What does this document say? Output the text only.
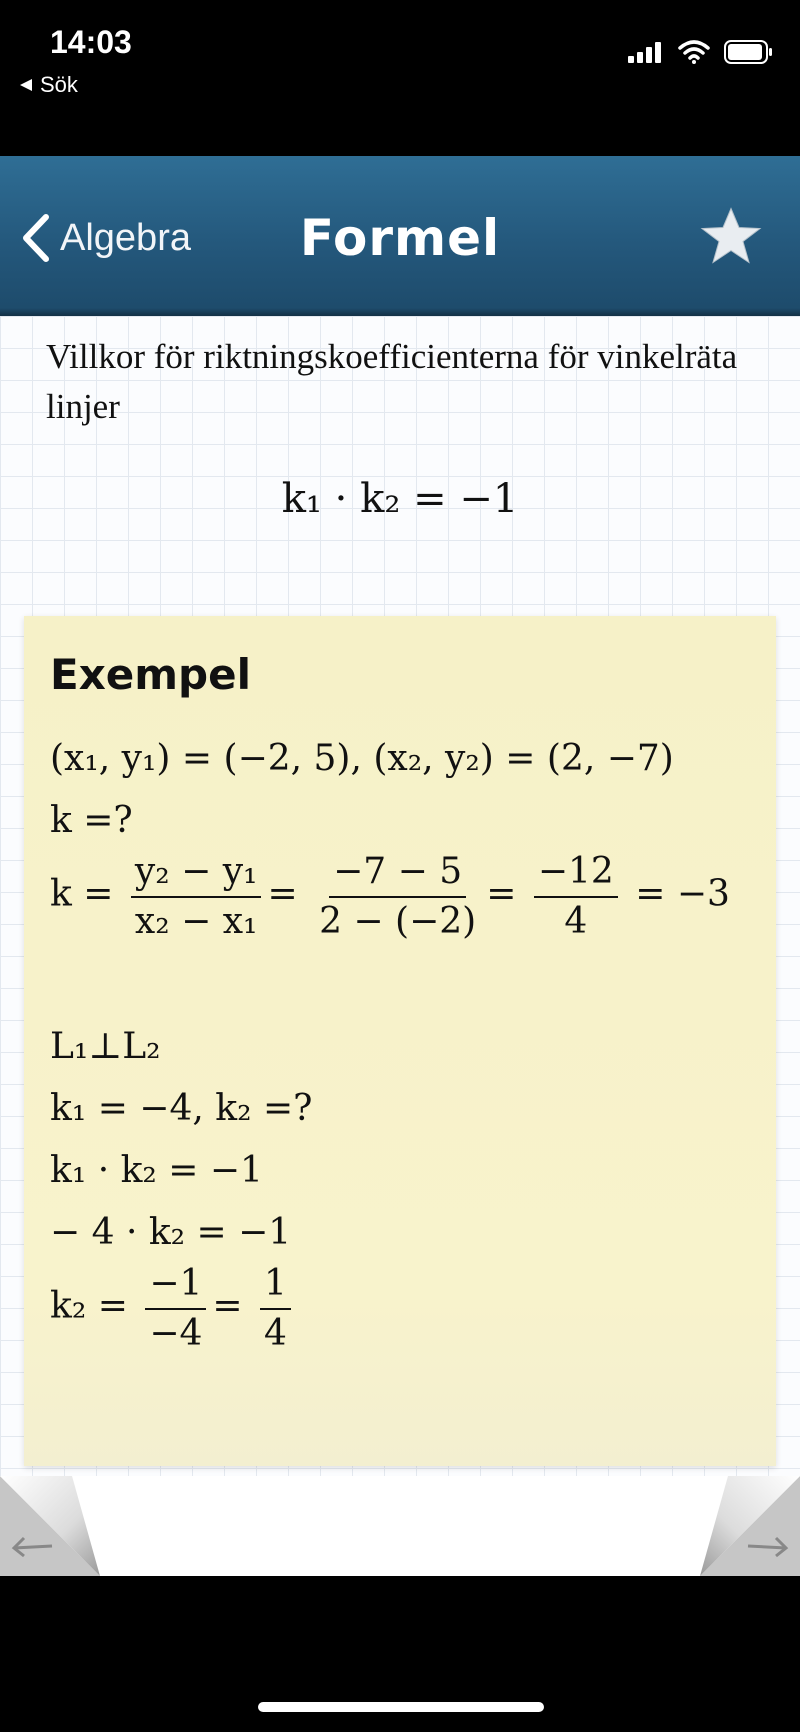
14:03
Sök
Algebra	Formel
Villkor för riktningskoefficienterna för vinkelräta linjer
k₁ · k₂ = −1
Exempel
(x₁, y₁) = (−2, 5), (x₂, y₂) = (2, −7)
k =?
$k = \frac{\text{y₂ − y₁}}{\text{x₂ − x₁}} = \frac{-7 - 5}{2 - (-2)} = \frac{-12}{4} = -3$
L₁⊥L₂
k₁ = −4, k₂ =?
k₁ · k₂ = −1
− 4 · k₂ = −1
$k_2 = \frac{-1}{-4} = \frac{1}{4}$
